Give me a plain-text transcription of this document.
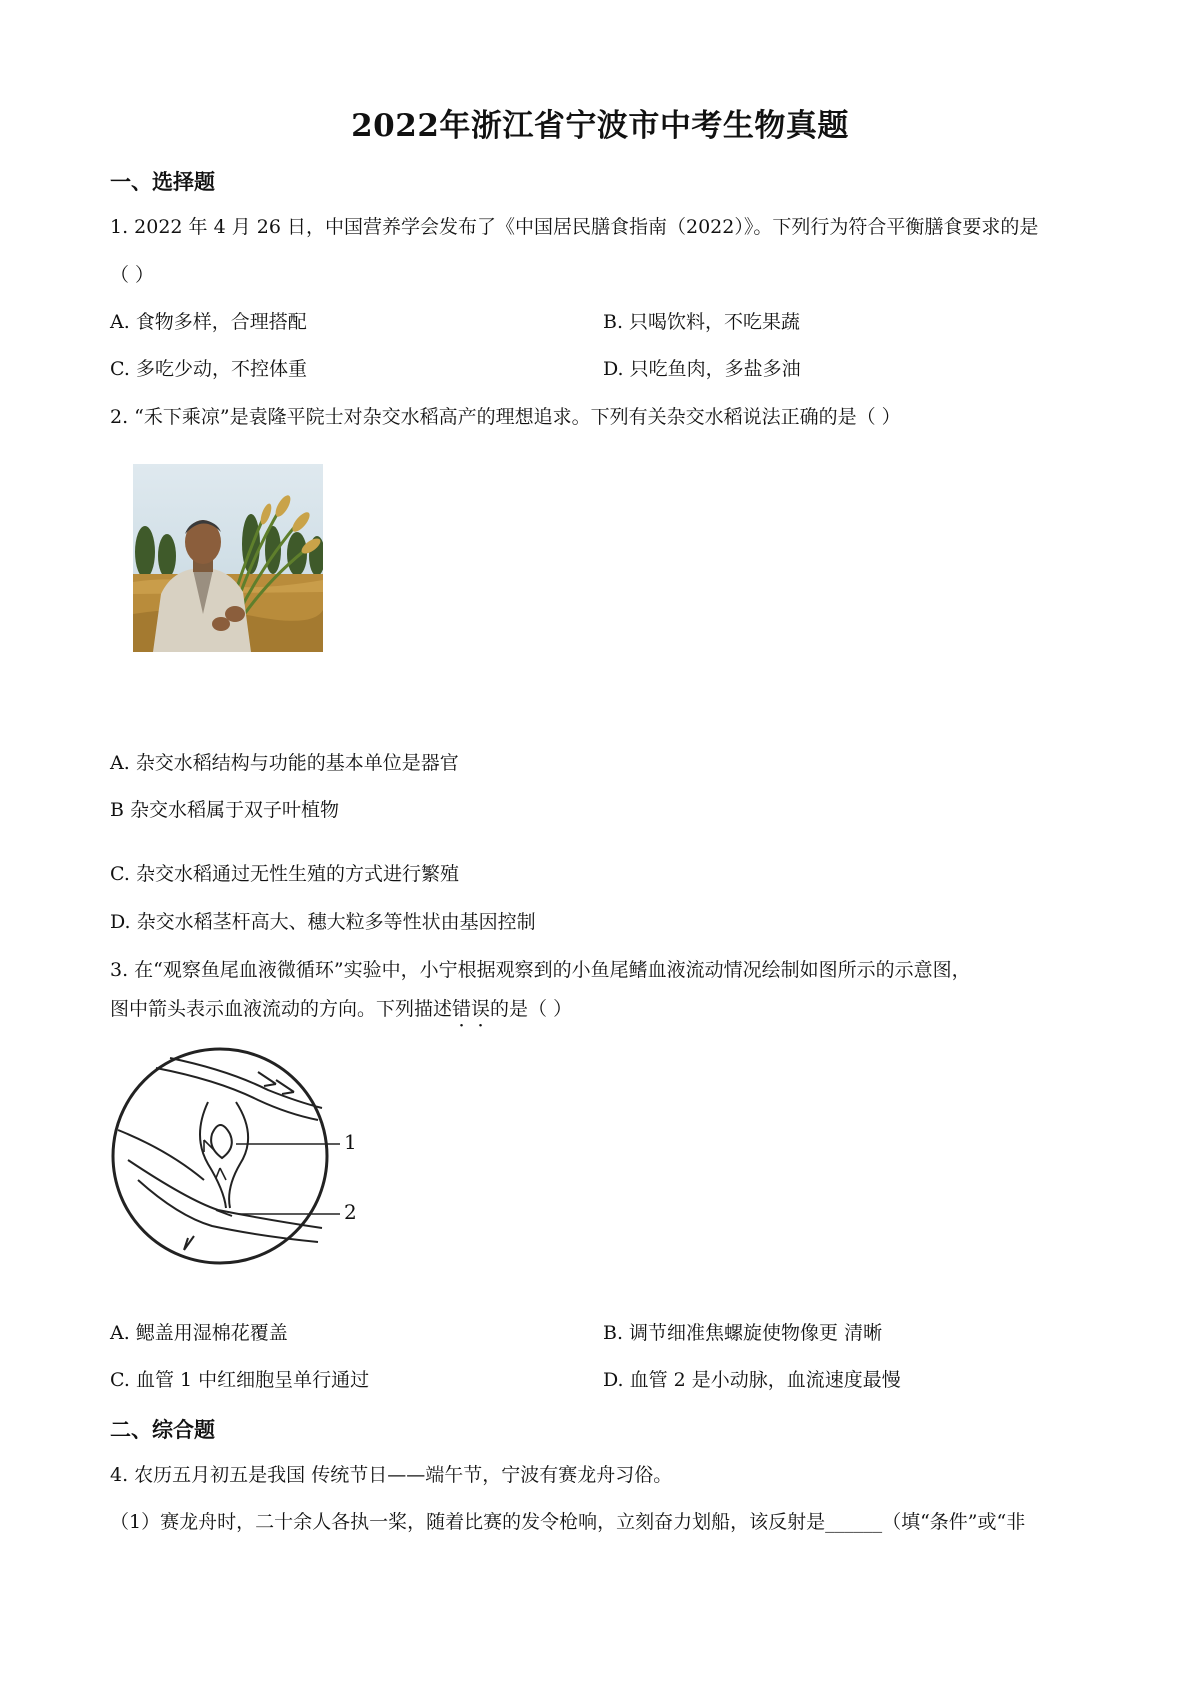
2022年浙江省宁波市中考生物真题
一、选择题
1. 2022 年 4 月 26 日，中国营养学会发布了《中国居民膳食指南（2022）》。下列行为符合平衡膳食要求的是
（ ）
A. 食物多样，合理搭配	B. 只喝饮料，不吃果蔬
C. 多吃少动，不控体重	D. 只吃鱼肉，多盐多油
2. “禾下乘凉”是袁隆平院士对杂交水稻高产的理想追求。下列有关杂交水稻说法正确的是（ ）
A. 杂交水稻结构与功能的基本单位是器官
B 杂交水稻属于双子叶植物
C. 杂交水稻通过无性生殖的方式进行繁殖
D. 杂交水稻茎杆高大、穗大粒多等性状由基因控制
3. 在“观察鱼尾血液微循环”实验中，小宁根据观察到的小鱼尾鳍血液流动情况绘制如图所示的示意图，
图中箭头表示血液流动的方向。下列描述错误的是（ ）
1
2
A. 鳃盖用湿棉花覆盖	B. 调节细准焦螺旋使物像更 清晰
C. 血管 1 中红细胞呈单行通过	D. 血管 2 是小动脉，血流速度最慢
二、综合题
4. 农历五月初五是我国 传统节日——端午节，宁波有赛龙舟习俗。
（1）赛龙舟时，二十余人各执一桨，随着比赛的发令枪响，立刻奋力划船，该反射是______（填“条件”或“非
